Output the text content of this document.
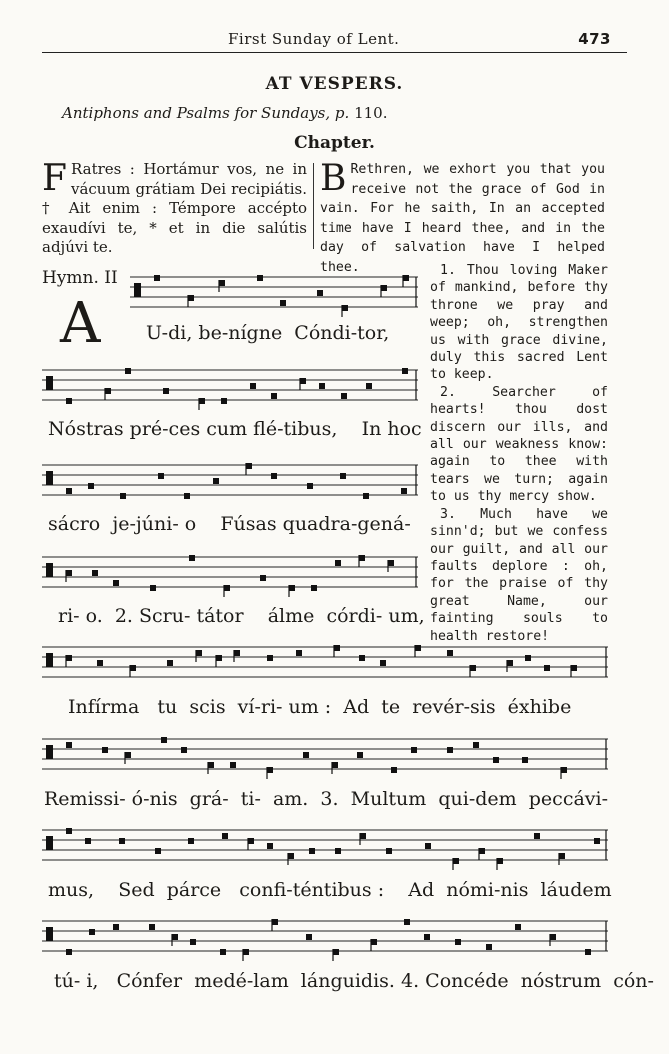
First Sunday of Lent.	473
AT VESPERS.
Antiphons and Psalms for Sundays, p. 110.
Chapter.
F Ratres : Hortámur vos, ne in vácuum grátiam Dei recipiátis. † Ait enim : Témpore accépto exaudívi te, * et in die salútis adjúvi te.
B Rethren, we exhort you that you receive not the grace of God in vain. For he saith, In an accepted time have I heard thee, and in the day of salvation have I helped thee.
Hymn. II
A U-di, be-nígne  Cóndi-tor,
Nóstras pré-ces cum flé-tibus,    In hoc
sácro  je-júni- o    Fúsas quadra-gená-
ri- o.  2. Scru- tátor    álme  córdi- um,
Infírma   tu  scis  ví-ri- um :  Ad  te  revér-sis  éxhibe
Remissi- ó-nis  grá-  ti-  am.  3.  Multum  qui-dem  peccávi-
mus,    Sed  párce   confi-téntibus :    Ad  nómi-nis  láudem
tú- i,   Cónfer  medé-lam  lánguidis. 4. Concéde  nóstrum  cón-

1. Thou loving Maker of mankind, before thy throne we pray and weep; oh, strengthen us with grace divine, duly this sacred Lent to keep.

2. Searcher of hearts! thou dost discern our ills, and all our weakness know: again to thee with tears we turn; again to us thy mercy show.

3. Much have we sinn'd; but we confess our guilt, and all our faults deplore : oh, for the praise of thy great Name, our fainting souls to health restore!
